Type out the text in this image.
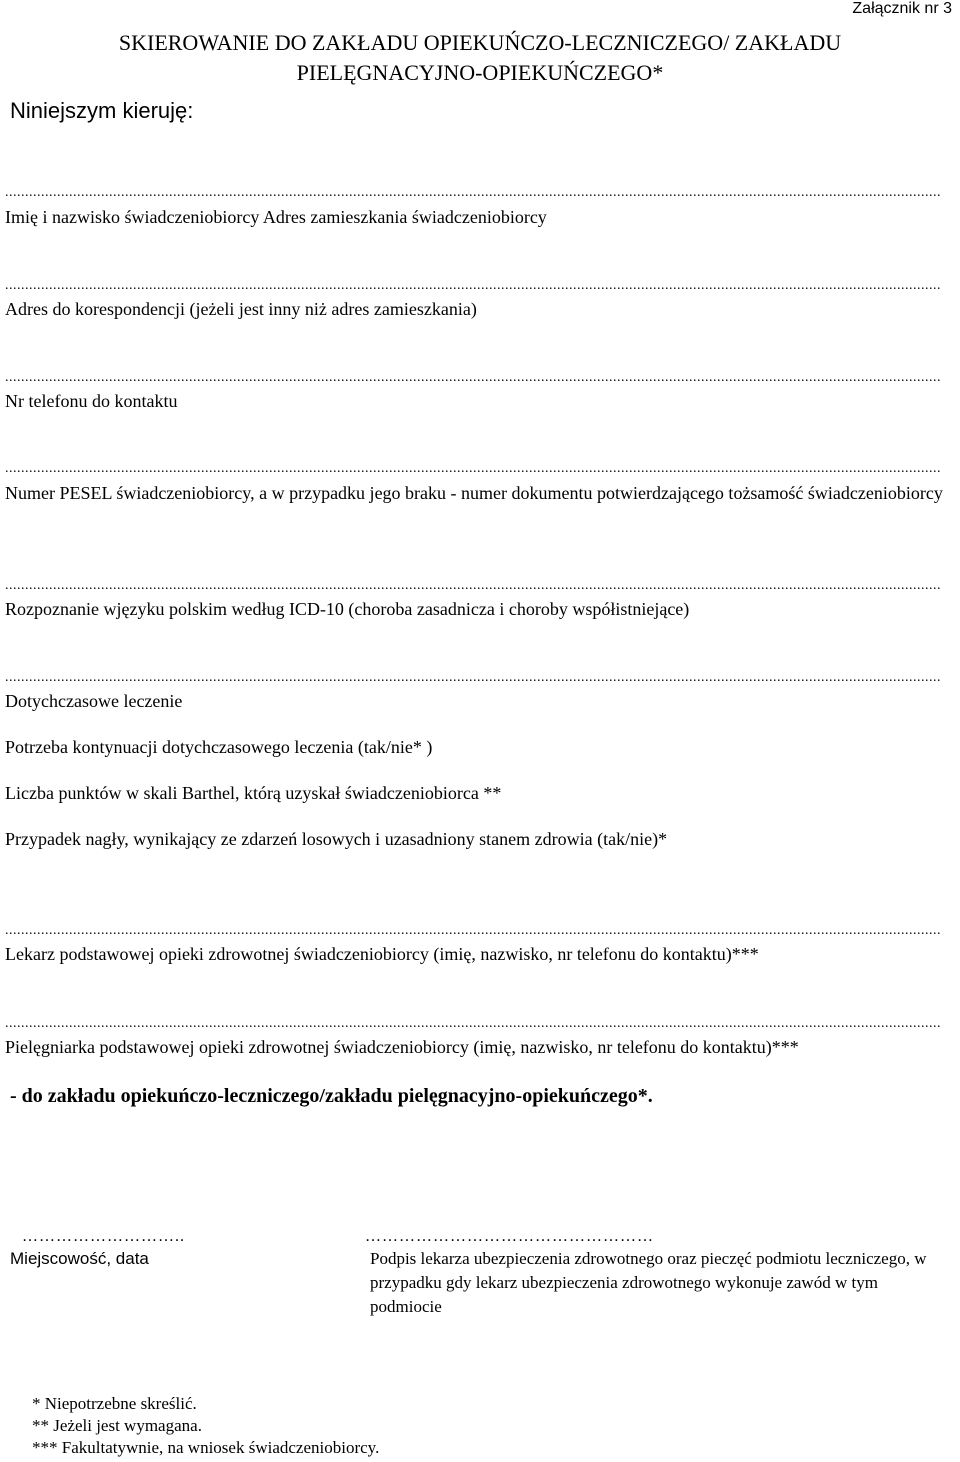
Załącznik nr 3
SKIEROWANIE DO ZAKŁADU OPIEKUŃCZO-LECZNICZEGO/ ZAKŁADU
PIELĘGNACYJNO-OPIEKUŃCZEGO*
Niniejszym kieruję:
..........................................................................................................................................................................................................................................
Imię i nazwisko świadczeniobiorcy Adres zamieszkania świadczeniobiorcy
..........................................................................................................................................................................................................................................
Adres do korespondencji (jeżeli jest inny niż adres zamieszkania)
..........................................................................................................................................................................................................................................
Nr telefonu do kontaktu
..........................................................................................................................................................................................................................................
Numer PESEL świadczeniobiorcy, a w przypadku jego braku - numer dokumentu potwierdzającego tożsamość świadczeniobiorcy
..........................................................................................................................................................................................................................................
Rozpoznanie wjęzyku polskim według ICD-10 (choroba zasadnicza i choroby współistniejące)
..........................................................................................................................................................................................................................................
Dotychczasowe leczenie
Potrzeba kontynuacji dotychczasowego leczenia (tak/nie* )
Liczba punktów w skali Barthel, którą uzyskał świadczeniobiorca **
Przypadek nagły, wynikający ze zdarzeń losowych i uzasadniony stanem zdrowia (tak/nie)*
..........................................................................................................................................................................................................................................
Lekarz podstawowej opieki zdrowotnej świadczeniobiorcy (imię, nazwisko, nr telefonu do kontaktu)***
..........................................................................................................................................................................................................................................
Pielęgniarka podstawowej opieki zdrowotnej świadczeniobiorcy (imię, nazwisko, nr telefonu do kontaktu)***
- do zakładu opiekuńczo-leczniczego/zakładu pielęgnacyjno-opiekuńczego*.
………………………..
Miejscowość, data
……………………………………………
Podpis lekarza ubezpieczenia zdrowotnego oraz pieczęć podmiotu leczniczego, w przypadku gdy lekarz ubezpieczenia zdrowotnego wykonuje zawód w tym podmiocie
* Niepotrzebne skreślić.
** Jeżeli jest wymagana.
*** Fakultatywnie, na wniosek świadczeniobiorcy.
